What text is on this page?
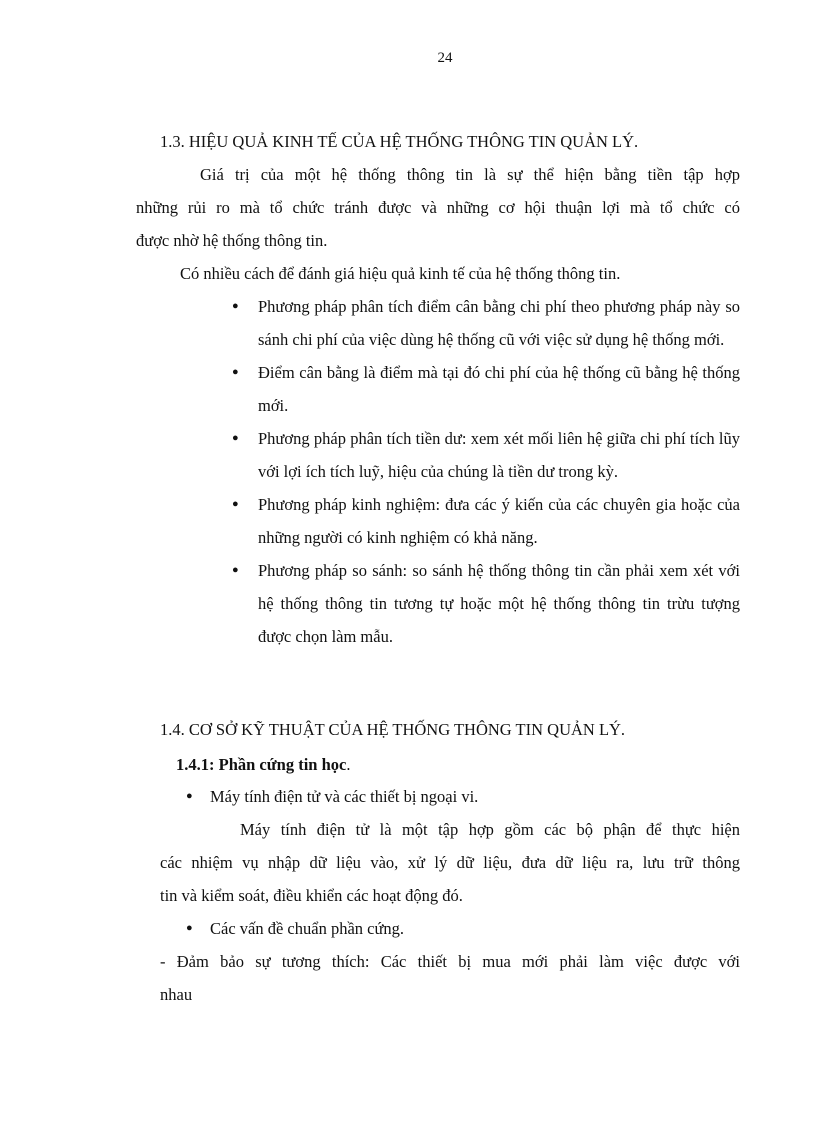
24
1.3. HIỆU QUẢ KINH TẾ CỦA HỆ THỐNG THÔNG TIN QUẢN LÝ.

Giá trị của một hệ thống thông tin là sự thể hiện bằng tiền tập hợp

những rủi ro mà tổ chức tránh được và những cơ hội thuận lợi mà tổ chức có

được nhờ hệ thống thông tin.

Có nhiều cách để đánh giá hiệu quả kinh tế của hệ thống thông tin.

● Phương pháp phân tích điểm cân bằng chi phí theo phương pháp này so sánh chi phí của việc dùng hệ thống cũ với việc sử dụng hệ thống mới.
● Điểm cân bằng là điểm mà tại đó chi phí của hệ thống cũ bằng hệ thống mới.
● Phương pháp phân tích tiền dư: xem xét mối liên hệ giữa chi phí tích lũy với lợi ích tích luỹ, hiệu của chúng là tiền dư trong kỳ.
● Phương pháp kinh nghiệm: đưa các ý kiến của các chuyên gia hoặc của những người có kinh nghiệm có khả năng.
● Phương pháp so sánh: so sánh hệ thống thông tin cần phải xem xét với hệ thống thông tin tương tự hoặc một hệ thống thông tin trừu tượng được chọn làm mẫu.
1.4. CƠ SỞ KỸ THUẬT CỦA HỆ THỐNG THÔNG TIN QUẢN LÝ.
1.4.1: Phần cứng tin học.

● Máy tính điện tử và các thiết bị ngoại vi.

Máy tính điện tử là một tập hợp gồm các bộ phận để thực hiện

các nhiệm vụ nhập dữ liệu vào, xử lý dữ liệu, đưa dữ liệu ra, lưu trữ thông

tin và kiểm soát, điều khiển các hoạt động đó.

● Các vấn đề chuẩn phần cứng.

- Đảm bảo sự tương thích: Các thiết bị mua mới phải làm việc được với

nhau
